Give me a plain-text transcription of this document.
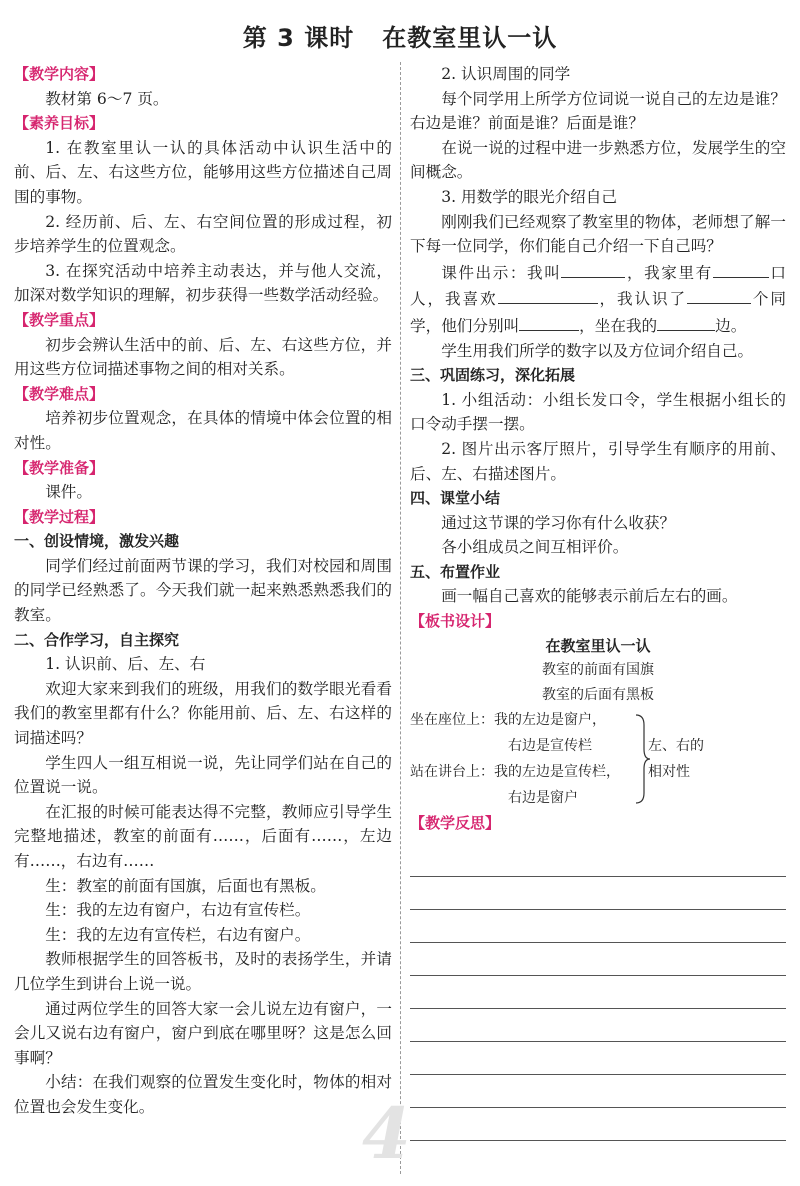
第 3 课时 在教室里认一认
【教学内容】
教材第 6～7 页。
【素养目标】
1. 在教室里认一认的具体活动中认识生活中的前、后、左、右这些方位，能够用这些方位描述自己周围的事物。
2. 经历前、后、左、右空间位置的形成过程，初步培养学生的位置观念。
3. 在探究活动中培养主动表达，并与他人交流，加深对数学知识的理解，初步获得一些数学活动经验。
【教学重点】
初步会辨认生活中的前、后、左、右这些方位，并用这些方位词描述事物之间的相对关系。
【教学难点】
培养初步位置观念，在具体的情境中体会位置的相对性。
【教学准备】
课件。
【教学过程】
一、创设情境，激发兴趣
同学们经过前面两节课的学习，我们对校园和周围的同学已经熟悉了。今天我们就一起来熟悉熟悉我们的教室。
二、合作学习，自主探究
1. 认识前、后、左、右
欢迎大家来到我们的班级，用我们的数学眼光看看我们的教室里都有什么？你能用前、后、左、右这样的词描述吗？
学生四人一组互相说一说，先让同学们站在自己的位置说一说。
在汇报的时候可能表达得不完整，教师应引导学生完整地描述，教室的前面有……，后面有……，左边有……，右边有……
生：教室的前面有国旗，后面也有黑板。
生：我的左边有窗户，右边有宣传栏。
生：我的左边有宣传栏，右边有窗户。
教师根据学生的回答板书，及时的表扬学生，并请几位学生到讲台上说一说。
通过两位学生的回答大家一会儿说左边有窗户，一会儿又说右边有窗户，窗户到底在哪里呀？这是怎么回事啊？
小结：在我们观察的位置发生变化时，物体的相对位置也会发生变化。
2. 认识周围的同学
每个同学用上所学方位词说一说自己的左边是谁？右边是谁？前面是谁？后面是谁？
在说一说的过程中进一步熟悉方位，发展学生的空间概念。
3. 用数学的眼光介绍自己
刚刚我们已经观察了教室里的物体，老师想了解一下每一位同学，你们能自己介绍一下自己吗？
课件出示：我叫	，我家里有	口人，我喜欢	，我认识了	个同学，他们分别叫	，坐在我的	边。
学生用我们所学的数字以及方位词介绍自己。
三、巩固练习，深化拓展
1. 小组活动：小组长发口令，学生根据小组长的口令动手摆一摆。
2. 图片出示客厅照片，引导学生有顺序的用前、后、左、右描述图片。
四、课堂小结
通过这节课的学习你有什么收获？
各小组成员之间互相评价。
五、布置作业
画一幅自己喜欢的能够表示前后左右的画。
【板书设计】
在教室里认一认
教室的前面有国旗
教室的后面有黑板
坐在座位上： 我的左边是窗户，
右边是宣传栏
站在讲台上： 我的左边是宣传栏，
右边是窗户
左、右的
相对性
【教学反思】
4
